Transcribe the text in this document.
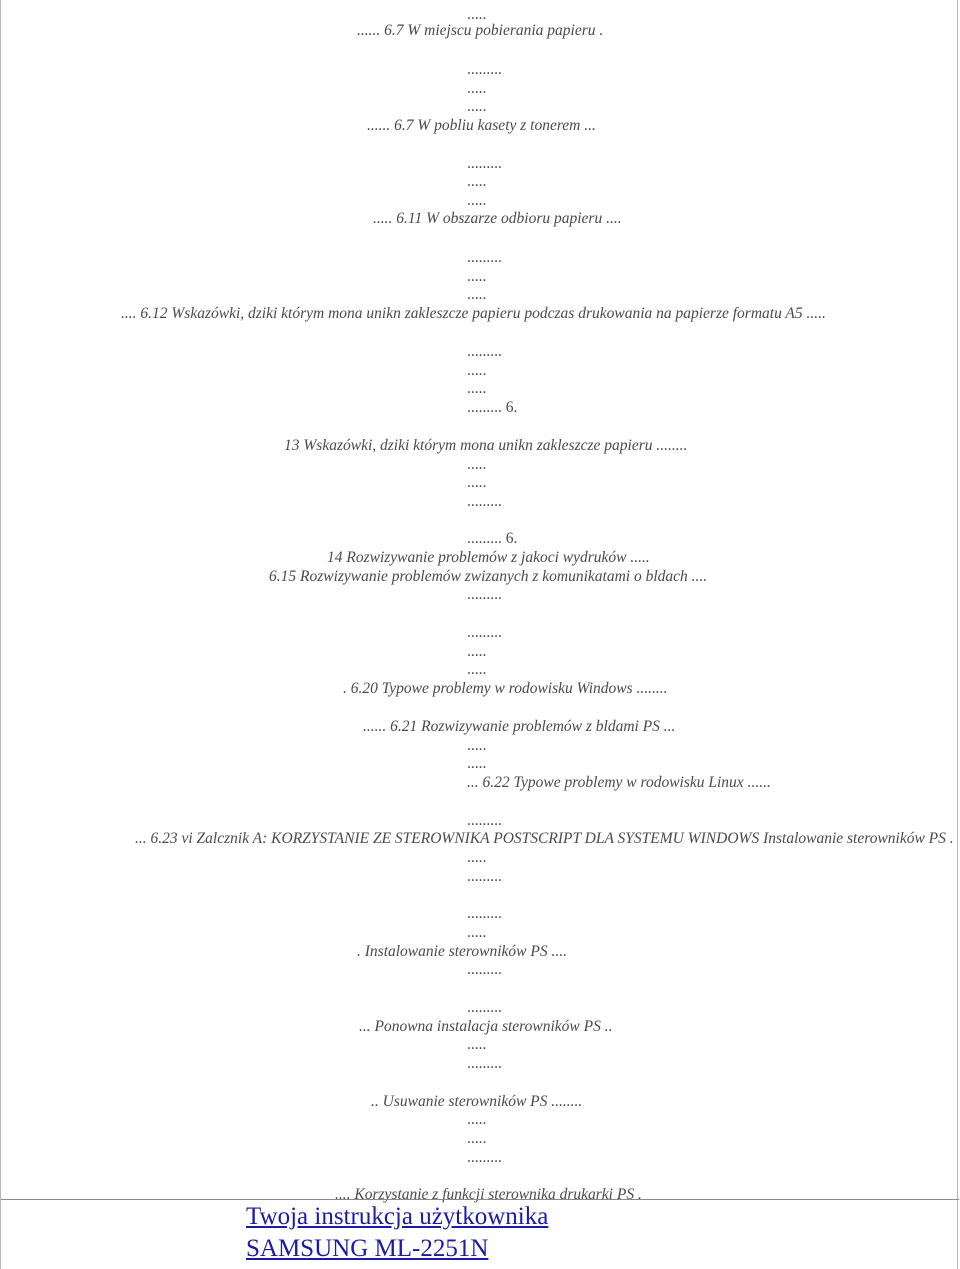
.....
...... 6.7 W miejscu pobierania papieru .
.........
.....
.....
...... 6.7 W pobliu kasety z tonerem ...
.........
.....
.....
..... 6.11 W obszarze odbioru papieru ....
.........
.....
.....
.... 6.12 Wskazówki, dziki którym mona unikn zakleszcze papieru podczas drukowania na papierze formatu A5 .....
.........
.....
.....
......... 6.
13 Wskazówki, dziki którym mona unikn zakleszcze papieru ........
.....
.....
.........
......... 6.
14 Rozwizywanie problemów z jakoci wydruków .....
6.15 Rozwizywanie problemów zwizanych z komunikatami o bldach ....
.........
.........
.....
.....
. 6.20 Typowe problemy w rodowisku Windows ........
...... 6.21 Rozwizywanie problemów z bldami PS ...
.....
.....
... 6.22 Typowe problemy w rodowisku Linux ......
.........
... 6.23 vi Zalcznik A: KORZYSTANIE ZE STEROWNIKA POSTSCRIPT DLA SYSTEMU WINDOWS Instalowanie sterowników PS .
.....
.........
.........
.....
. Instalowanie sterowników PS ....
.........
.........
... Ponowna instalacja sterowników PS ..
.....
.........
.. Usuwanie sterowników PS ........
.....
.....
.........
.... Korzystanie z funkcji sterownika drukarki PS .
Twoja instrukcja użytkownika
SAMSUNG ML-2251N
